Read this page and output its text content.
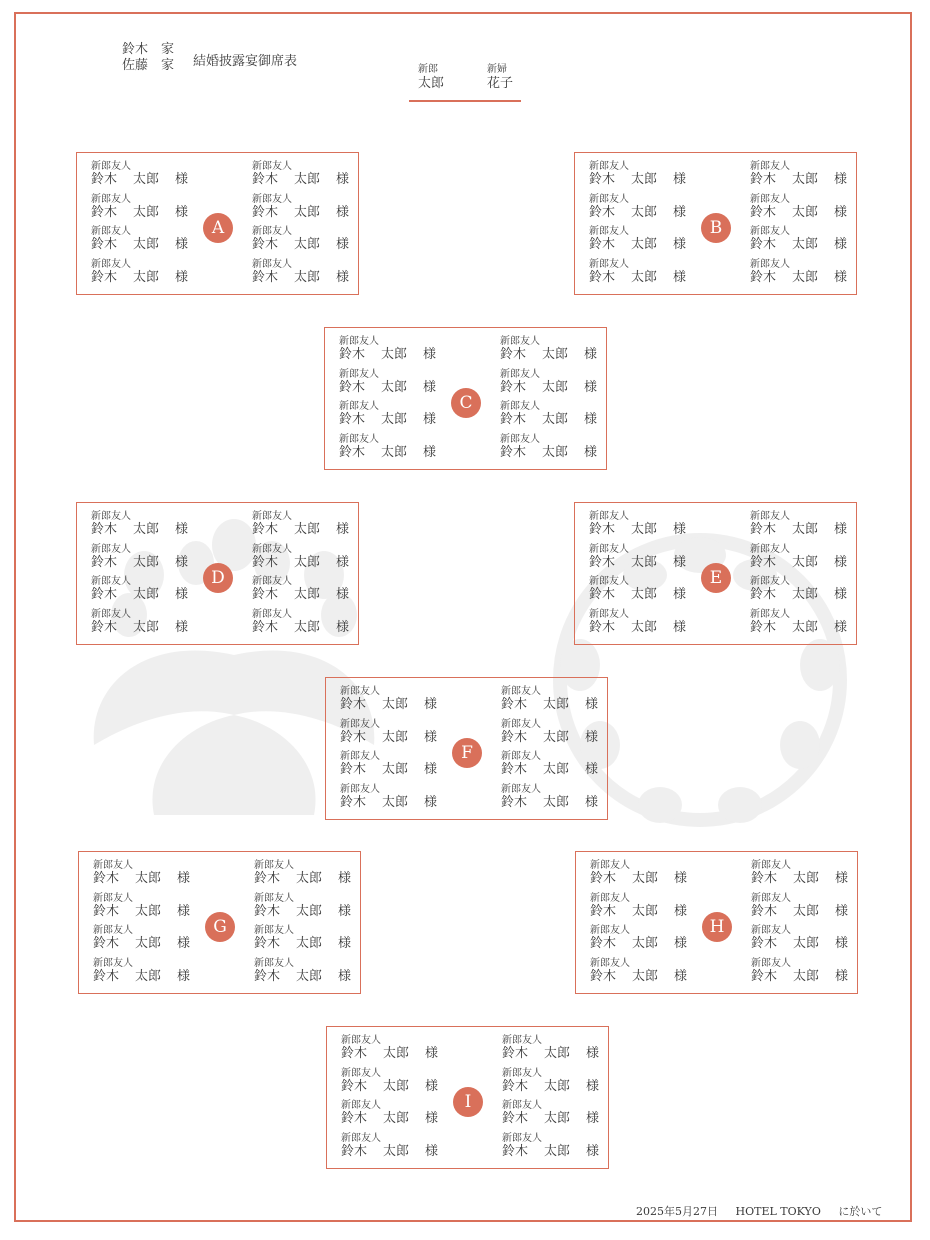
鈴木　家
佐藤　家 結婚披露宴御席表
新郎
太郎
新婦
花子
新郎友人
鈴木 太郎 様
新郎友人
鈴木 太郎 様
新郎友人
鈴木 太郎 様
新郎友人
鈴木 太郎 様
新郎友人
鈴木 太郎 様
新郎友人
鈴木 太郎 様
新郎友人
鈴木 太郎 様
新郎友人
鈴木 太郎 様
A
新郎友人
鈴木 太郎 様
新郎友人
鈴木 太郎 様
新郎友人
鈴木 太郎 様
新郎友人
鈴木 太郎 様
新郎友人
鈴木 太郎 様
新郎友人
鈴木 太郎 様
新郎友人
鈴木 太郎 様
新郎友人
鈴木 太郎 様
B
新郎友人
鈴木 太郎 様
新郎友人
鈴木 太郎 様
新郎友人
鈴木 太郎 様
新郎友人
鈴木 太郎 様
新郎友人
鈴木 太郎 様
新郎友人
鈴木 太郎 様
新郎友人
鈴木 太郎 様
新郎友人
鈴木 太郎 様
C
新郎友人
鈴木 太郎 様
新郎友人
鈴木 太郎 様
新郎友人
鈴木 太郎 様
新郎友人
鈴木 太郎 様
新郎友人
鈴木 太郎 様
新郎友人
鈴木 太郎 様
新郎友人
鈴木 太郎 様
新郎友人
鈴木 太郎 様
D
新郎友人
鈴木 太郎 様
新郎友人
鈴木 太郎 様
新郎友人
鈴木 太郎 様
新郎友人
鈴木 太郎 様
新郎友人
鈴木 太郎 様
新郎友人
鈴木 太郎 様
新郎友人
鈴木 太郎 様
新郎友人
鈴木 太郎 様
E
新郎友人
鈴木 太郎 様
新郎友人
鈴木 太郎 様
新郎友人
鈴木 太郎 様
新郎友人
鈴木 太郎 様
新郎友人
鈴木 太郎 様
新郎友人
鈴木 太郎 様
新郎友人
鈴木 太郎 様
新郎友人
鈴木 太郎 様
F
新郎友人
鈴木 太郎 様
新郎友人
鈴木 太郎 様
新郎友人
鈴木 太郎 様
新郎友人
鈴木 太郎 様
新郎友人
鈴木 太郎 様
新郎友人
鈴木 太郎 様
新郎友人
鈴木 太郎 様
新郎友人
鈴木 太郎 様
G
新郎友人
鈴木 太郎 様
新郎友人
鈴木 太郎 様
新郎友人
鈴木 太郎 様
新郎友人
鈴木 太郎 様
新郎友人
鈴木 太郎 様
新郎友人
鈴木 太郎 様
新郎友人
鈴木 太郎 様
新郎友人
鈴木 太郎 様
H
新郎友人
鈴木 太郎 様
新郎友人
鈴木 太郎 様
新郎友人
鈴木 太郎 様
新郎友人
鈴木 太郎 様
新郎友人
鈴木 太郎 様
新郎友人
鈴木 太郎 様
新郎友人
鈴木 太郎 様
新郎友人
鈴木 太郎 様
I
2025年5月27日 HOTEL TOKYO に於いて
